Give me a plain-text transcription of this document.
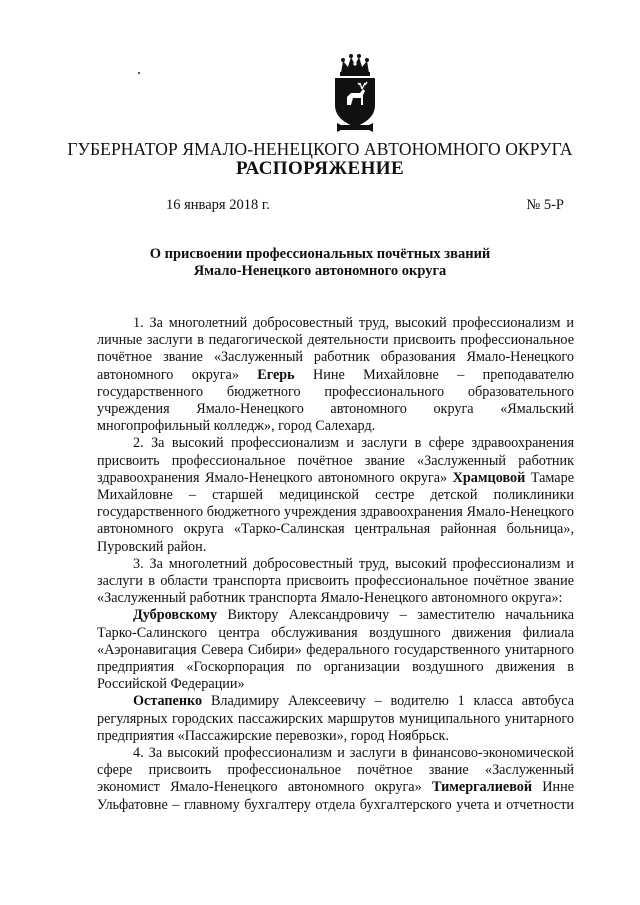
ГУБЕРНАТОР ЯМАЛО-НЕНЕЦКОГО АВТОНОМНОГО ОКРУГА
РАСПОРЯЖЕНИЕ
16 января 2018 г.	№ 5-Р
О присвоении профессиональных почётных званий
Ямало-Ненецкого автономного округа

1. За многолетний добросовестный труд, высокий профессионализм и личные заслуги в педагогической деятельности присвоить профессиональное почётное звание «Заслуженный работник образования Ямало-Ненецкого автономного округа» Егерь Нине Михайловне – преподавателю государственного бюджетного профессионального образовательного учреждения Ямало-Ненецкого автономного округа «Ямальский многопрофильный колледж», город Салехард.

2. За высокий профессионализм и заслуги в сфере здравоохранения присвоить профессиональное почётное звание «Заслуженный работник здравоохранения Ямало-Ненецкого автономного округа» Храмцовой Тамаре Михайловне – старшей медицинской сестре детской поликлиники государственного бюджетного учреждения здравоохранения Ямало-Ненецкого автономного округа «Тарко-Салинская центральная районная больница», Пуровский район.

3. За многолетний добросовестный труд, высокий профессионализм и заслуги в области транспорта присвоить профессиональное почётное звание «Заслуженный работник транспорта Ямало-Ненецкого автономного округа»:

Дубровскому Виктору Александровичу – заместителю начальника Тарко-Салинского центра обслуживания воздушного движения филиала «Аэронавигация Севера Сибири» федерального государственного унитарного предприятия «Госкорпорация по организации воздушного движения в Российской Федерации»

Остапенко Владимиру Алексеевичу – водителю 1 класса автобуса регулярных городских пассажирских маршрутов муниципального унитарного предприятия «Пассажирские перевозки», город Ноябрьск.

4. За высокий профессионализм и заслуги в финансово-экономической сфере присвоить профессиональное почётное звание «Заслуженный экономист Ямало-Ненецкого автономного округа» Тимергалиевой Инне Ульфатовне – главному бухгалтеру отдела бухгалтерского учета и отчетности
